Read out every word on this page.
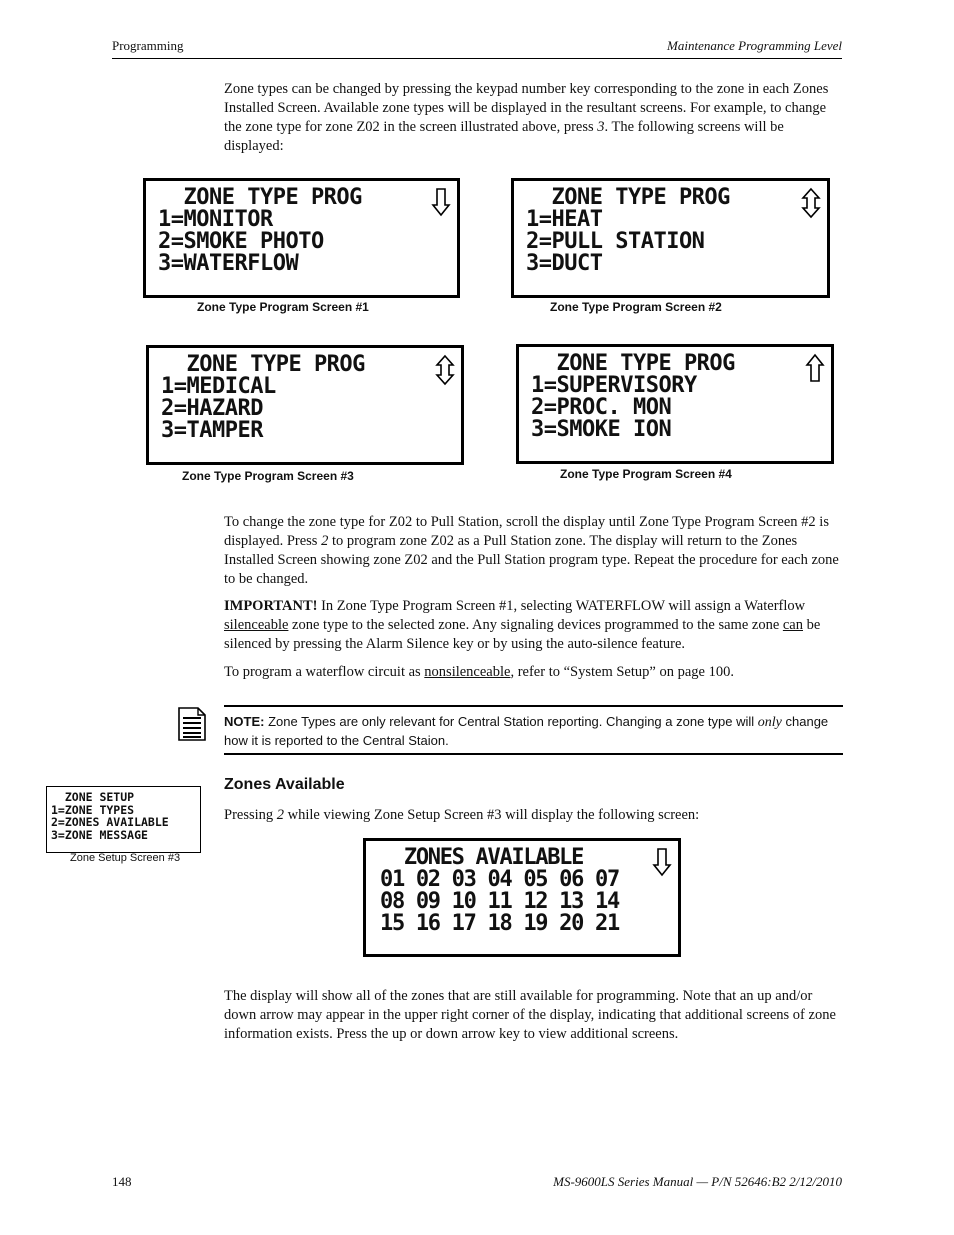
Programming	Maintenance Programming Level

Zone types can be changed by pressing the keypad number key corresponding to the zone in each Zones Installed Screen. Available zone types will be displayed in the resultant screens. For example, to change the zone type for zone Z02 in the screen illustrated above, press 3. The following screens will be displayed:

ZONE TYPE PROG
1=MONITOR
2=SMOKE PHOTO
3=WATERFLOW
Zone Type Program Screen #1
ZONE TYPE PROG
1=HEAT
2=PULL STATION
3=DUCT
Zone Type Program Screen #2
ZONE TYPE PROG
1=MEDICAL
2=HAZARD
3=TAMPER
Zone Type Program Screen #3
ZONE TYPE PROG
1=SUPERVISORY
2=PROC. MON
3=SMOKE ION
Zone Type Program Screen #4

To change the zone type for Z02 to Pull Station, scroll the display until Zone Type Program Screen #2 is displayed. Press 2 to program zone Z02 as a Pull Station zone. The display will return to the Zones Installed Screen showing zone Z02 and the Pull Station program type. Repeat the procedure for each zone to be changed.

IMPORTANT! In Zone Type Program Screen #1, selecting WATERFLOW will assign a Waterflow silenceable zone type to the selected zone. Any signaling devices programmed to the same zone can be silenced by pressing the Alarm Silence key or by using the auto-silence feature.

To program a waterflow circuit as nonsilenceable, refer to “System Setup” on page 100.

NOTE: Zone Types are only relevant for Central Station reporting. Changing a zone type will only change how it is reported to the Central Staion.
ZONE SETUP
1=ZONE TYPES
2=ZONES AVAILABLE
3=ZONE MESSAGE
Zone Setup Screen #3
Zones Available

Pressing 2 while viewing Zone Setup Screen #3 will display the following screen:

ZONES AVAILABLE
01 02 03 04 05 06 07
08 09 10 11 12 13 14
15 16 17 18 19 20 21

The display will show all of the zones that are still available for programming. Note that an up and/or down arrow may appear in the upper right corner of the display, indicating that additional screens of zone information exists. Press the up or down arrow key to view additional screens.

148	MS-9600LS Series Manual — P/N 52646:B2 2/12/2010
